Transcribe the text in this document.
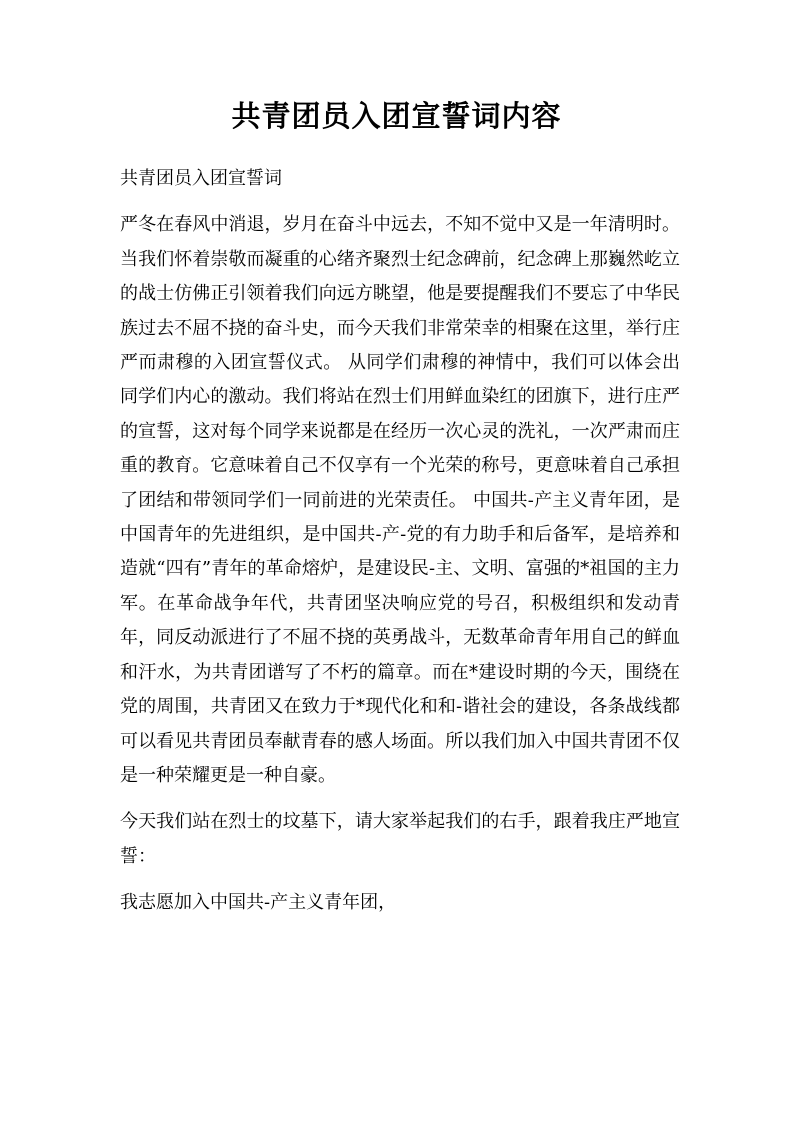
共青团员入团宣誓词内容

共青团员入团宣誓词

严冬在春风中消退，岁月在奋斗中远去，不知不觉中又是一年清明时。当我们怀着崇敬而凝重的心绪齐聚烈士纪念碑前，纪念碑上那巍然屹立的战士仿佛正引领着我们向远方眺望，他是要提醒我们不要忘了中华民族过去不屈不挠的奋斗史，而今天我们非常荣幸的相聚在这里，举行庄严而肃穆的入团宣誓仪式。 从同学们肃穆的神情中，我们可以体会出同学们内心的激动。我们将站在烈士们用鲜血染红的团旗下，进行庄严的宣誓，这对每个同学来说都是在经历一次心灵的洗礼，一次严肃而庄重的教育。它意味着自己不仅享有一个光荣的称号，更意味着自己承担了团结和带领同学们一同前进的光荣责任。 中国共-产主义青年团，是中国青年的先进组织，是中国共-产-党的有力助手和后备军，是培养和造就“四有”青年的革命熔炉，是建设民-主、文明、富强的*祖国的主力军。在革命战争年代，共青团坚决响应党的号召，积极组织和发动青年，同反动派进行了不屈不挠的英勇战斗，无数革命青年用自己的鲜血和汗水，为共青团谱写了不朽的篇章。而在*建设时期的今天，围绕在党的周围，共青团又在致力于*现代化和和-谐社会的建设，各条战线都可以看见共青团员奉献青春的感人场面。所以我们加入中国共青团不仅是一种荣耀更是一种自豪。

今天我们站在烈士的坟墓下，请大家举起我们的右手，跟着我庄严地宣誓：

我志愿加入中国共-产主义青年团，
